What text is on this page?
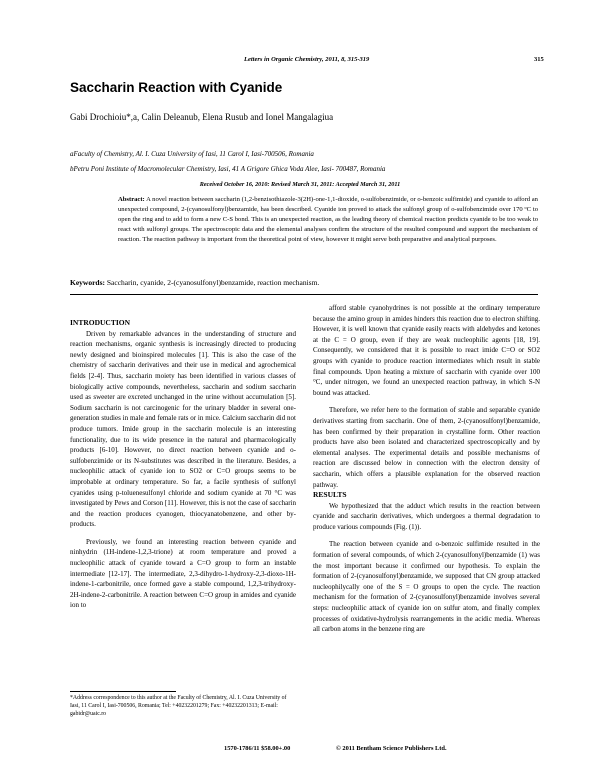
Letters in Organic Chemistry, 2011, 8, 315-319	315
Saccharin Reaction with Cyanide
Gabi Drochioiu*,a, Calin Deleanub, Elena Rusub and Ionel Mangalagiua
aFaculty of Chemistry, Al. I. Cuza University of Iasi, 11 Carol I, Iasi-700506, Romania
bPetru Poni Institute of Macromolecular Chemistry, Iasi, 41 A Grigore Ghica Voda Alee, Iasi- 700487, Romania
Received October 16, 2010: Revised March 31, 2011: Accepted March 31, 2011
Abstract: A novel reaction between saccharin (1,2-benzisothiazole-3(2H)-one-1,1-dioxide, o-sulfobenzimide, or o-benzoic sulfimide) and cyanide to afford an unexpected compound, 2-(cyanosulfonyl)benzamide, has been described. Cyanide ion proved to attack the sulfonyl group of o-sulfobenzimide over 170 ºC to open the ring and to add to form a new C-S bond. This is an unexpected reaction, as the leading theory of chemical reaction predicts cyanide to be too weak to react with sulfonyl groups. The spectroscopic data and the elemental analyses confirm the structure of the resulted compound and support the mechanism of reaction. The reaction pathway is important from the theoretical point of view, however it might serve both preparative and analytical purposes.
Keywords: Saccharin, cyanide, 2-(cyanosulfonyl)benzamide, reaction mechanism.

INTRODUCTION

Driven by remarkable advances in the understanding of structure and reaction mechanisms, organic synthesis is increasingly directed to producing newly designed and bioinspired molecules [1]. This is also the case of the chemistry of saccharin derivatives and their use in medical and agrochemical fields [2-4]. Thus, saccharin moiety has been identified in various classes of biologically active compounds, nevertheless, saccharin and sodium saccharin used as sweeter are excreted unchanged in the urine without accumulation [5]. Sodium saccharin is not carcinogenic for the urinary bladder in several one-generation studies in male and female rats or in mice. Calcium saccharin did not produce tumors. Imide group in the saccharin molecule is an interesting functionality, due to its wide presence in the natural and pharmacologically products [6-10]. However, no direct reaction between cyanide and o-sulfobenzimide or its N-substitutes was described in the literature. Besides, a nucleophilic attack of cyanide ion to SO2 or C=O groups seems to be improbable at ordinary temperature. So far, a facile synthesis of sulfonyl cyanides using p-toluenesulfonyl chloride and sodium cyanide at 70 °C was investigated by Pews and Corson [11]. However, this is not the case of saccharin and the reaction produces cyanogen, thiocyanatobenzene, and other by-products.

Previously, we found an interesting reaction between cyanide and ninhydrin (1H-indene-1,2,3-trione) at room temperature and proved a nucleophilic attack of cyanide toward a C=O group to form an instable intermediate [12-17]. The intermediate, 2,3-dihydro-1-hydroxy-2,3-dioxo-1H-indene-1-carbonitrile, once formed gave a stable compound, 1,2,3-trihydroxy-2H-indene-2-carbonitrile. A reaction between C=O group in amides and cyanide ion to

afford stable cyanohydrines is not possible at the ordinary temperature because the amino group in amides hinders this reaction due to electron shifting. However, it is well known that cyanide easily reacts with aldehydes and ketones at the C = O group, even if they are weak nucleophilic agents [18, 19]. Consequently, we considered that it is possible to react imide C=O or SO2 groups with cyanide to produce reaction intermediates which result in stable final compounds. Upon heating a mixture of saccharin with cyanide over 100 °C, under nitrogen, we found an unexpected reaction pathway, in which S-N bound was attacked.

Therefore, we refer here to the formation of stable and separable cyanide derivatives starting from saccharin. One of them, 2-(cyanosulfonyl)benzamide, has been confirmed by their preparation in crystalline form. Other reaction products have also been isolated and characterized spectroscopically and by elemental analyses. The experimental details and possible mechanisms of reaction are discussed below in connection with the electron density of saccharin, which offers a plausible explanation for the observed reaction pathway.

RESULTS

We hypothesized that the adduct which results in the reaction between cyanide and saccharin derivatives, which undergoes a thermal degradation to produce various compounds (Fig. (1)).

The reaction between cyanide and o-benzoic sulfimide resulted in the formation of several compounds, of which 2-(cyanosulfonyl)benzamide (1) was the most important because it confirmed our hypothesis. To explain the formation of 2-(cyanosulfonyl)benzamide, we supposed that CN group attacked nucleophilycally one of the S = O groups to open the cycle. The reaction mechanism for the formation of 2-(cyanosulfonyl)benzamide involves several steps: nucleophilic attack of cyanide ion on sulfur atom, and finally complex processes of oxidative-hydrolysis rearrangements in the acidic media. Whereas all carbon atoms in the benzene ring are

*Address correspondence to this author at the Faculty of Chemistry, Al. I. Cuza University of Iasi, 11 Carol I, Iasi-700506, Romania; Tel: +40232201279; Fax: +40232201313; E-mail: gabidr@uaic.ro
1570-1786/11 $58.00+.00	© 2011 Bentham Science Publishers Ltd.
